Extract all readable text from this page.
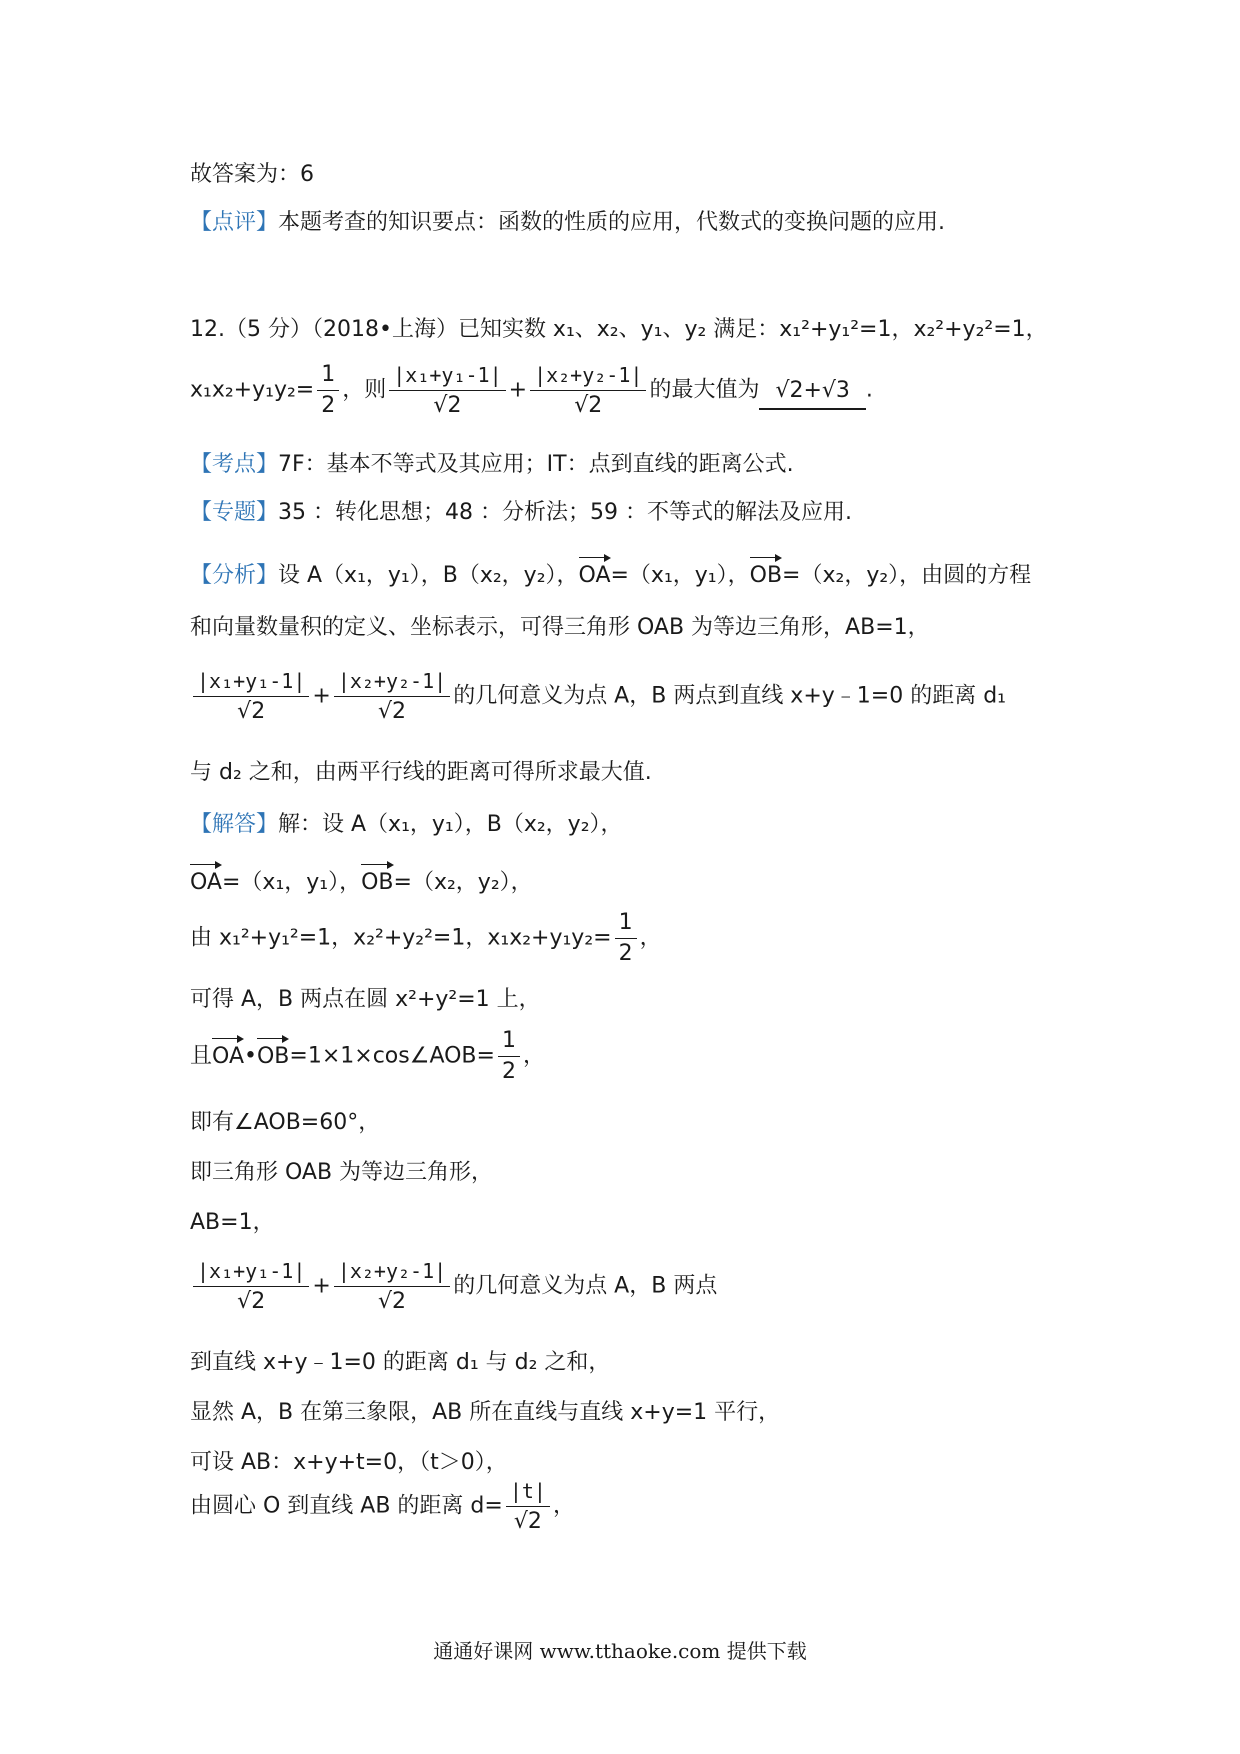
故答案为：6
【点评】本题考查的知识要点：函数的性质的应用，代数式的变换问题的应用.
12.（5 分）（2018•上海）已知实数 x₁、x₂、y₁、y₂ 满足：x₁²+y₁²=1，x₂²+y₂²=1，
$x_1x_2+y_1y_2= \frac{1}{2}$ ，则 $\frac{\text{|x₁+y₁-1|}}{√2} + \frac{\text{|x₂+y₂-1|}}{√2}$ 的最大值为 √2+√3 .
【考点】7F：基本不等式及其应用；IT：点到直线的距离公式.
【专题】35 ：转化思想；48 ：分析法；59 ：不等式的解法及应用.
【分析】设 A（x₁，y₁），B（x₂，y₂），OA=（x₁，y₁），OB=（x₂，y₂），由圆的方程
和向量数量积的定义、坐标表示，可得三角形 OAB 为等边三角形，AB=1，
$\frac{\text{|x₁+y₁-1|}}{√2} + \frac{\text{|x₂+y₂-1|}}{√2}$ 的几何意义为点 A，B 两点到直线 x+y﹣1=0 的距离 d₁
与 d₂ 之和，由两平行线的距离可得所求最大值.
【解答】解：设 A（x₁，y₁），B（x₂，y₂），
OA=（x₁，y₁），OB=（x₂，y₂），
由 x₁²+y₁²=1，x₂²+y₂²=1，$x_1x_2+y_1y_2= \frac{1}{2}$ ，
可得 A，B 两点在圆 x²+y²=1 上，
且OA•OB=1×1×cos∠AOB= $\frac{1}{2}$ ，
即有∠AOB=60°，
即三角形 OAB 为等边三角形，
AB=1，
$\frac{\text{|x₁+y₁-1|}}{√2} + \frac{\text{|x₂+y₂-1|}}{√2}$ 的几何意义为点 A，B 两点
到直线 x+y﹣1=0 的距离 d₁ 与 d₂ 之和，
显然 A，B 在第三象限，AB 所在直线与直线 x+y=1 平行，
可设 AB：x+y+t=0，（t＞0），
由圆心 O 到直线 AB 的距离 $d= \frac{|t|}{√2}$ ，
通通好课网 www.tthaoke.com 提供下载
